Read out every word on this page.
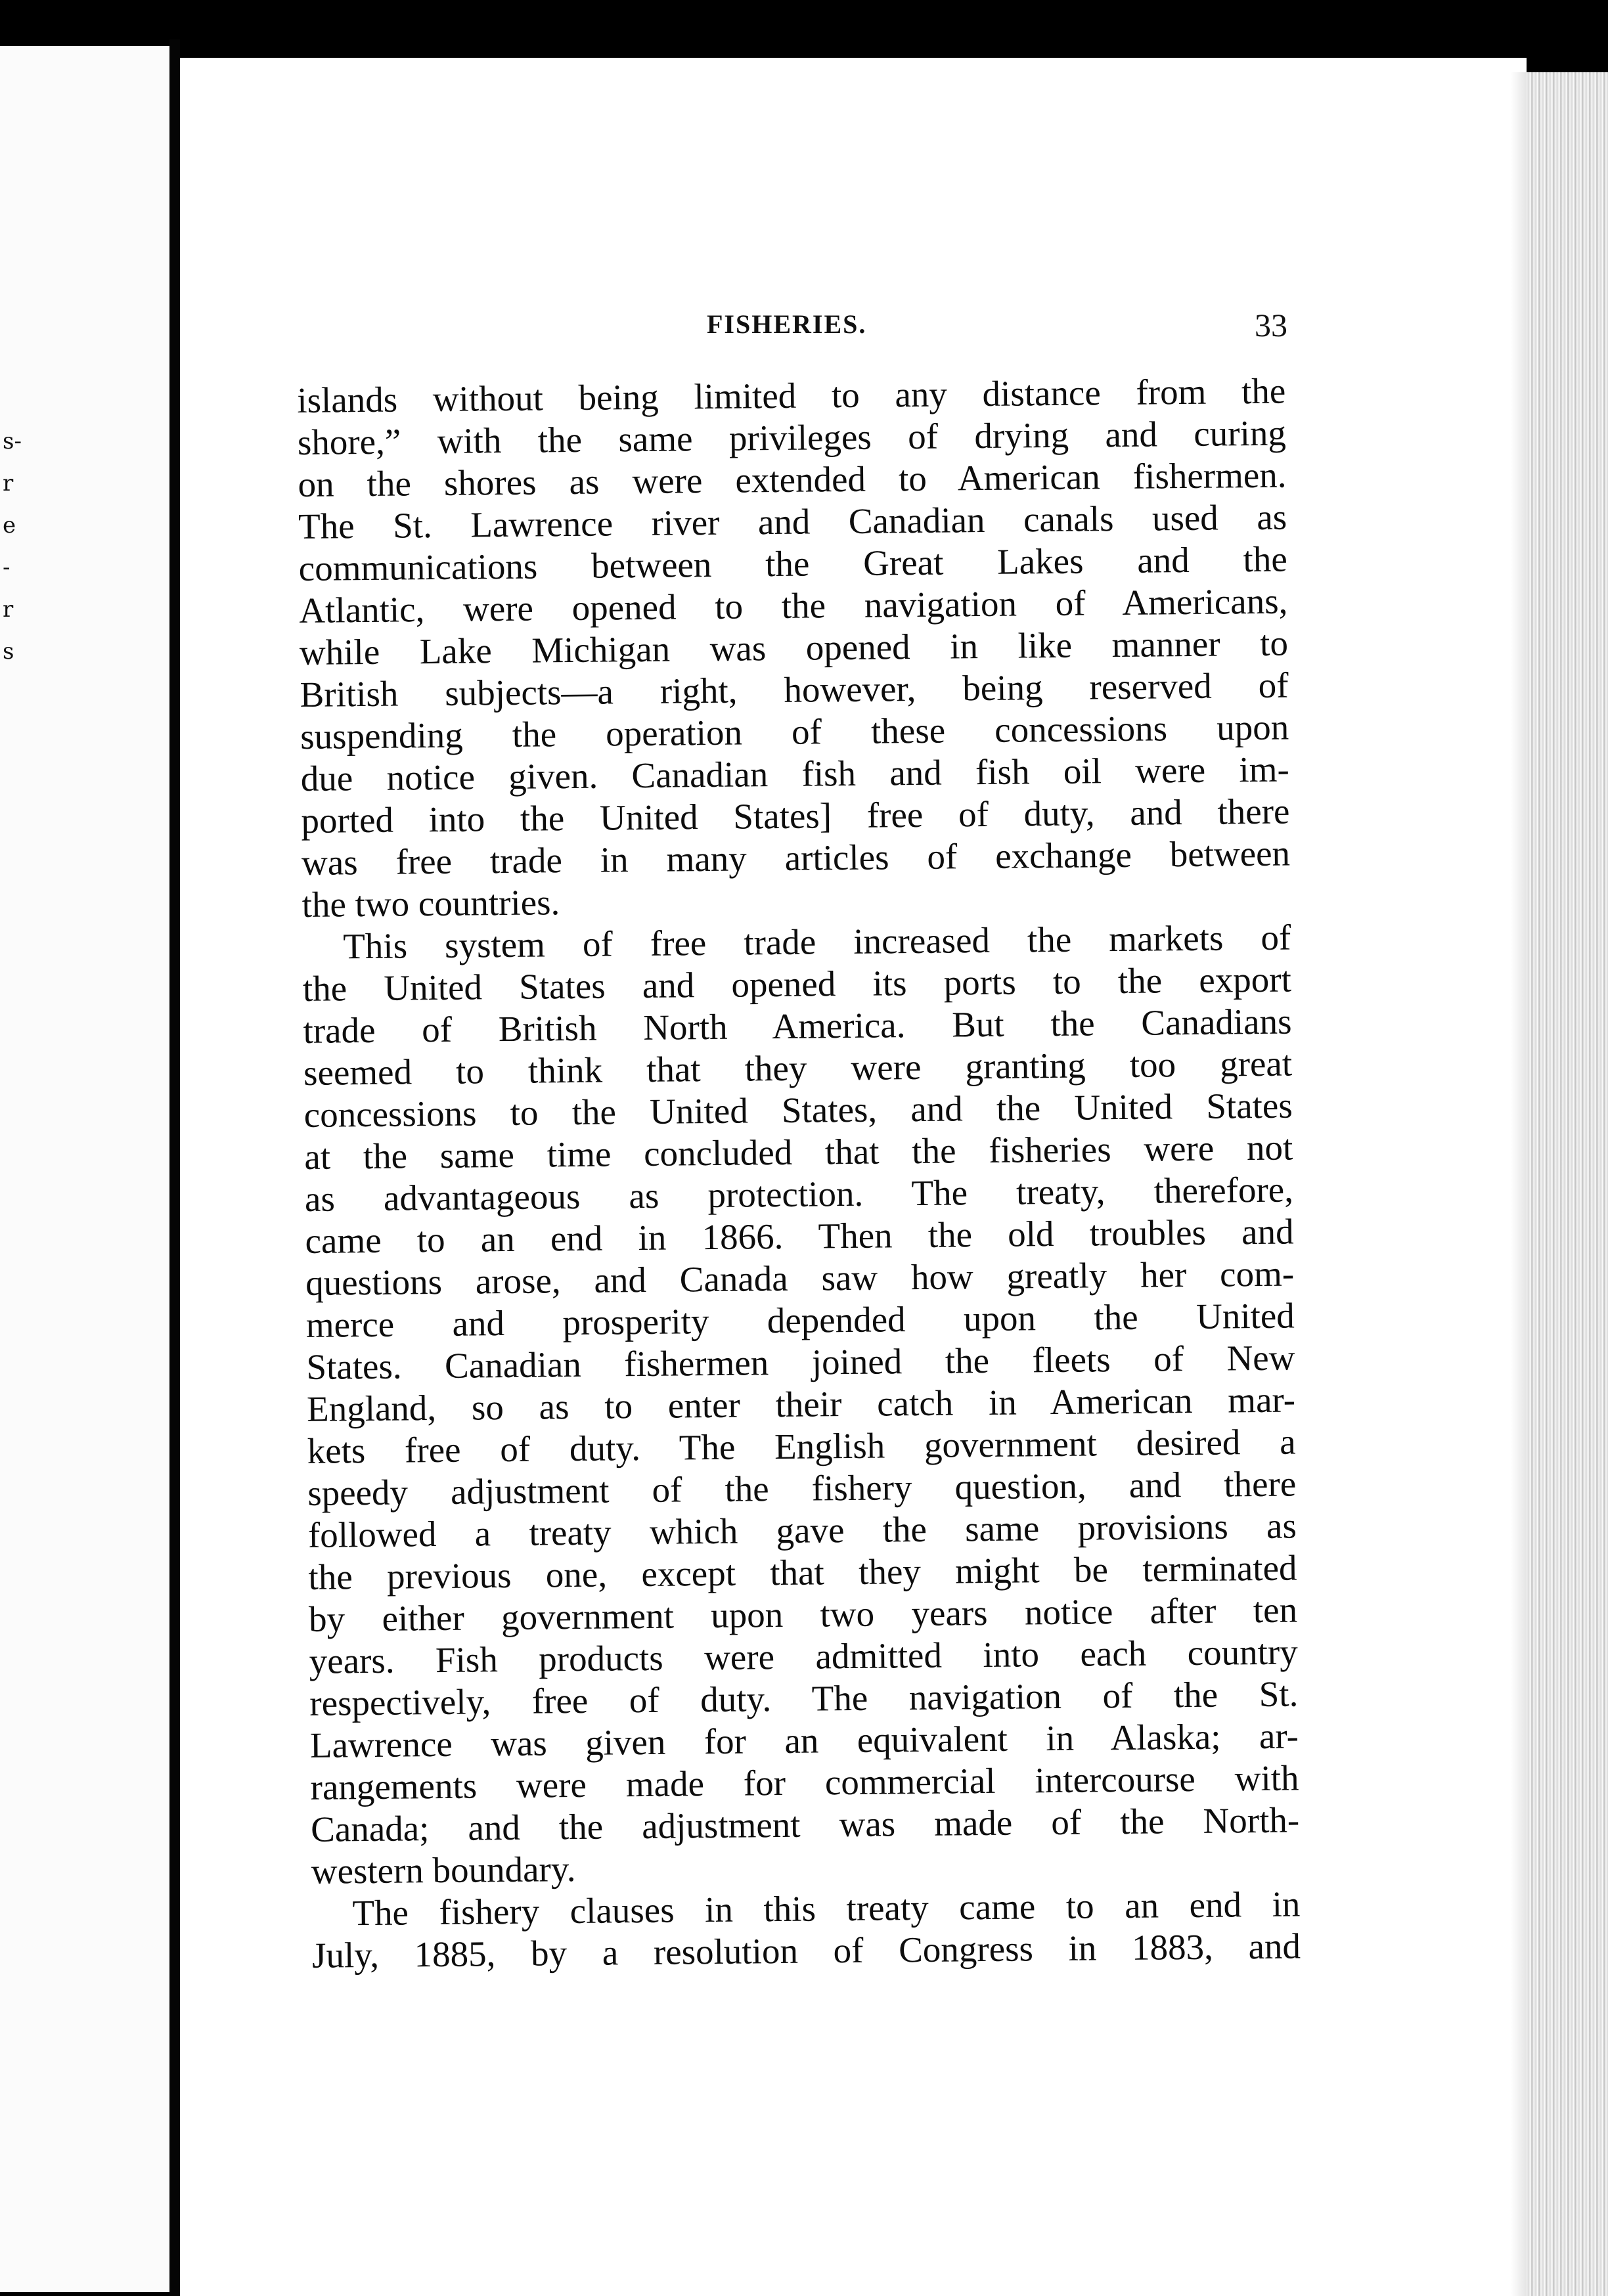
s-
r
e
-
r
s
FISHERIES.	33
islands without being limited to any distance from the
shore,” with the same privileges of drying and curing
on the shores as were extended to American fishermen.
The St. Lawrence river and Canadian canals used as
communications between the Great Lakes and the
Atlantic, were opened to the navigation of Americans,
while Lake Michigan was opened in like manner to
British subjects—a right, however, being reserved of
suspending the operation of these concessions upon
due notice given. Canadian fish and fish oil were im-
ported into the United States] free of duty, and there
was free trade in many articles of exchange between
the two countries.
This system of free trade increased the markets of
the United States and opened its ports to the export
trade of British North America. But the Canadians
seemed to think that they were granting too great
concessions to the United States, and the United States
at the same time concluded that the fisheries were not
as advantageous as protection. The treaty, therefore,
came to an end in 1866. Then the old troubles and
questions arose, and Canada saw how greatly her com-
merce and prosperity depended upon the United
States. Canadian fishermen joined the fleets of New
England, so as to enter their catch in American mar-
kets free of duty. The English government desired a
speedy adjustment of the fishery question, and there
followed a treaty which gave the same provisions as
the previous one, except that they might be terminated
by either government upon two years notice after ten
years. Fish products were admitted into each country
respectively, free of duty. The navigation of the St.
Lawrence was given for an equivalent in Alaska; ar-
rangements were made for commercial intercourse with
Canada; and the adjustment was made of the North-
western boundary.
The fishery clauses in this treaty came to an end in
July, 1885, by a resolution of Congress in 1883, and
